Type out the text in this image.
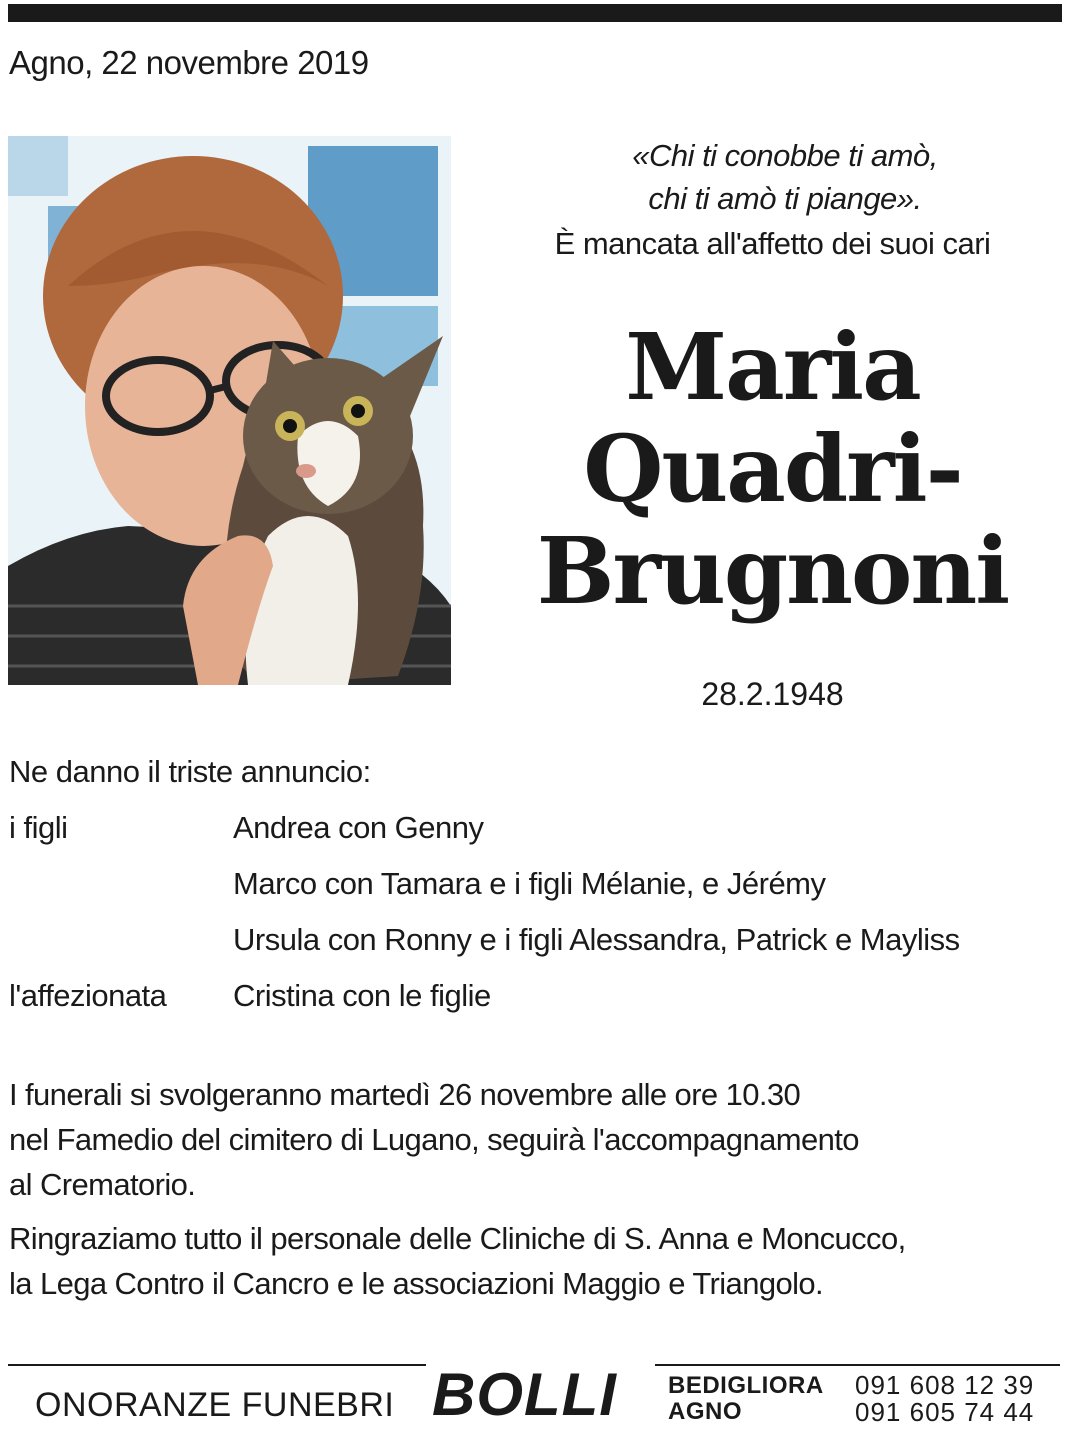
Agno, 22 novembre 2019
«Chi ti conobbe ti amò,
chi ti amò ti piange».
È mancata all'affetto dei suoi cari
Maria
Quadri-
Brugnoni
28.2.1948
Ne danno il triste annuncio:
i figli	Andrea con Genny
Marco con Tamara e i figli Mélanie, e Jérémy
Ursula con Ronny e i figli Alessandra, Patrick e Mayliss
l'affezionata	Cristina con le figlie
I funerali si svolgeranno martedì 26 novembre alle ore 10.30
nel Famedio del cimitero di Lugano, seguirà l'accompagnamento
al Crematorio.
Ringraziamo tutto il personale delle Cliniche di S. Anna e Moncucco,
la Lega Contro il Cancro e le associazioni Maggio e Triangolo.
ONORANZE FUNEBRI BOLLI BEDIGLIORA 091 608 12 39
AGNO	091 605 74 44
